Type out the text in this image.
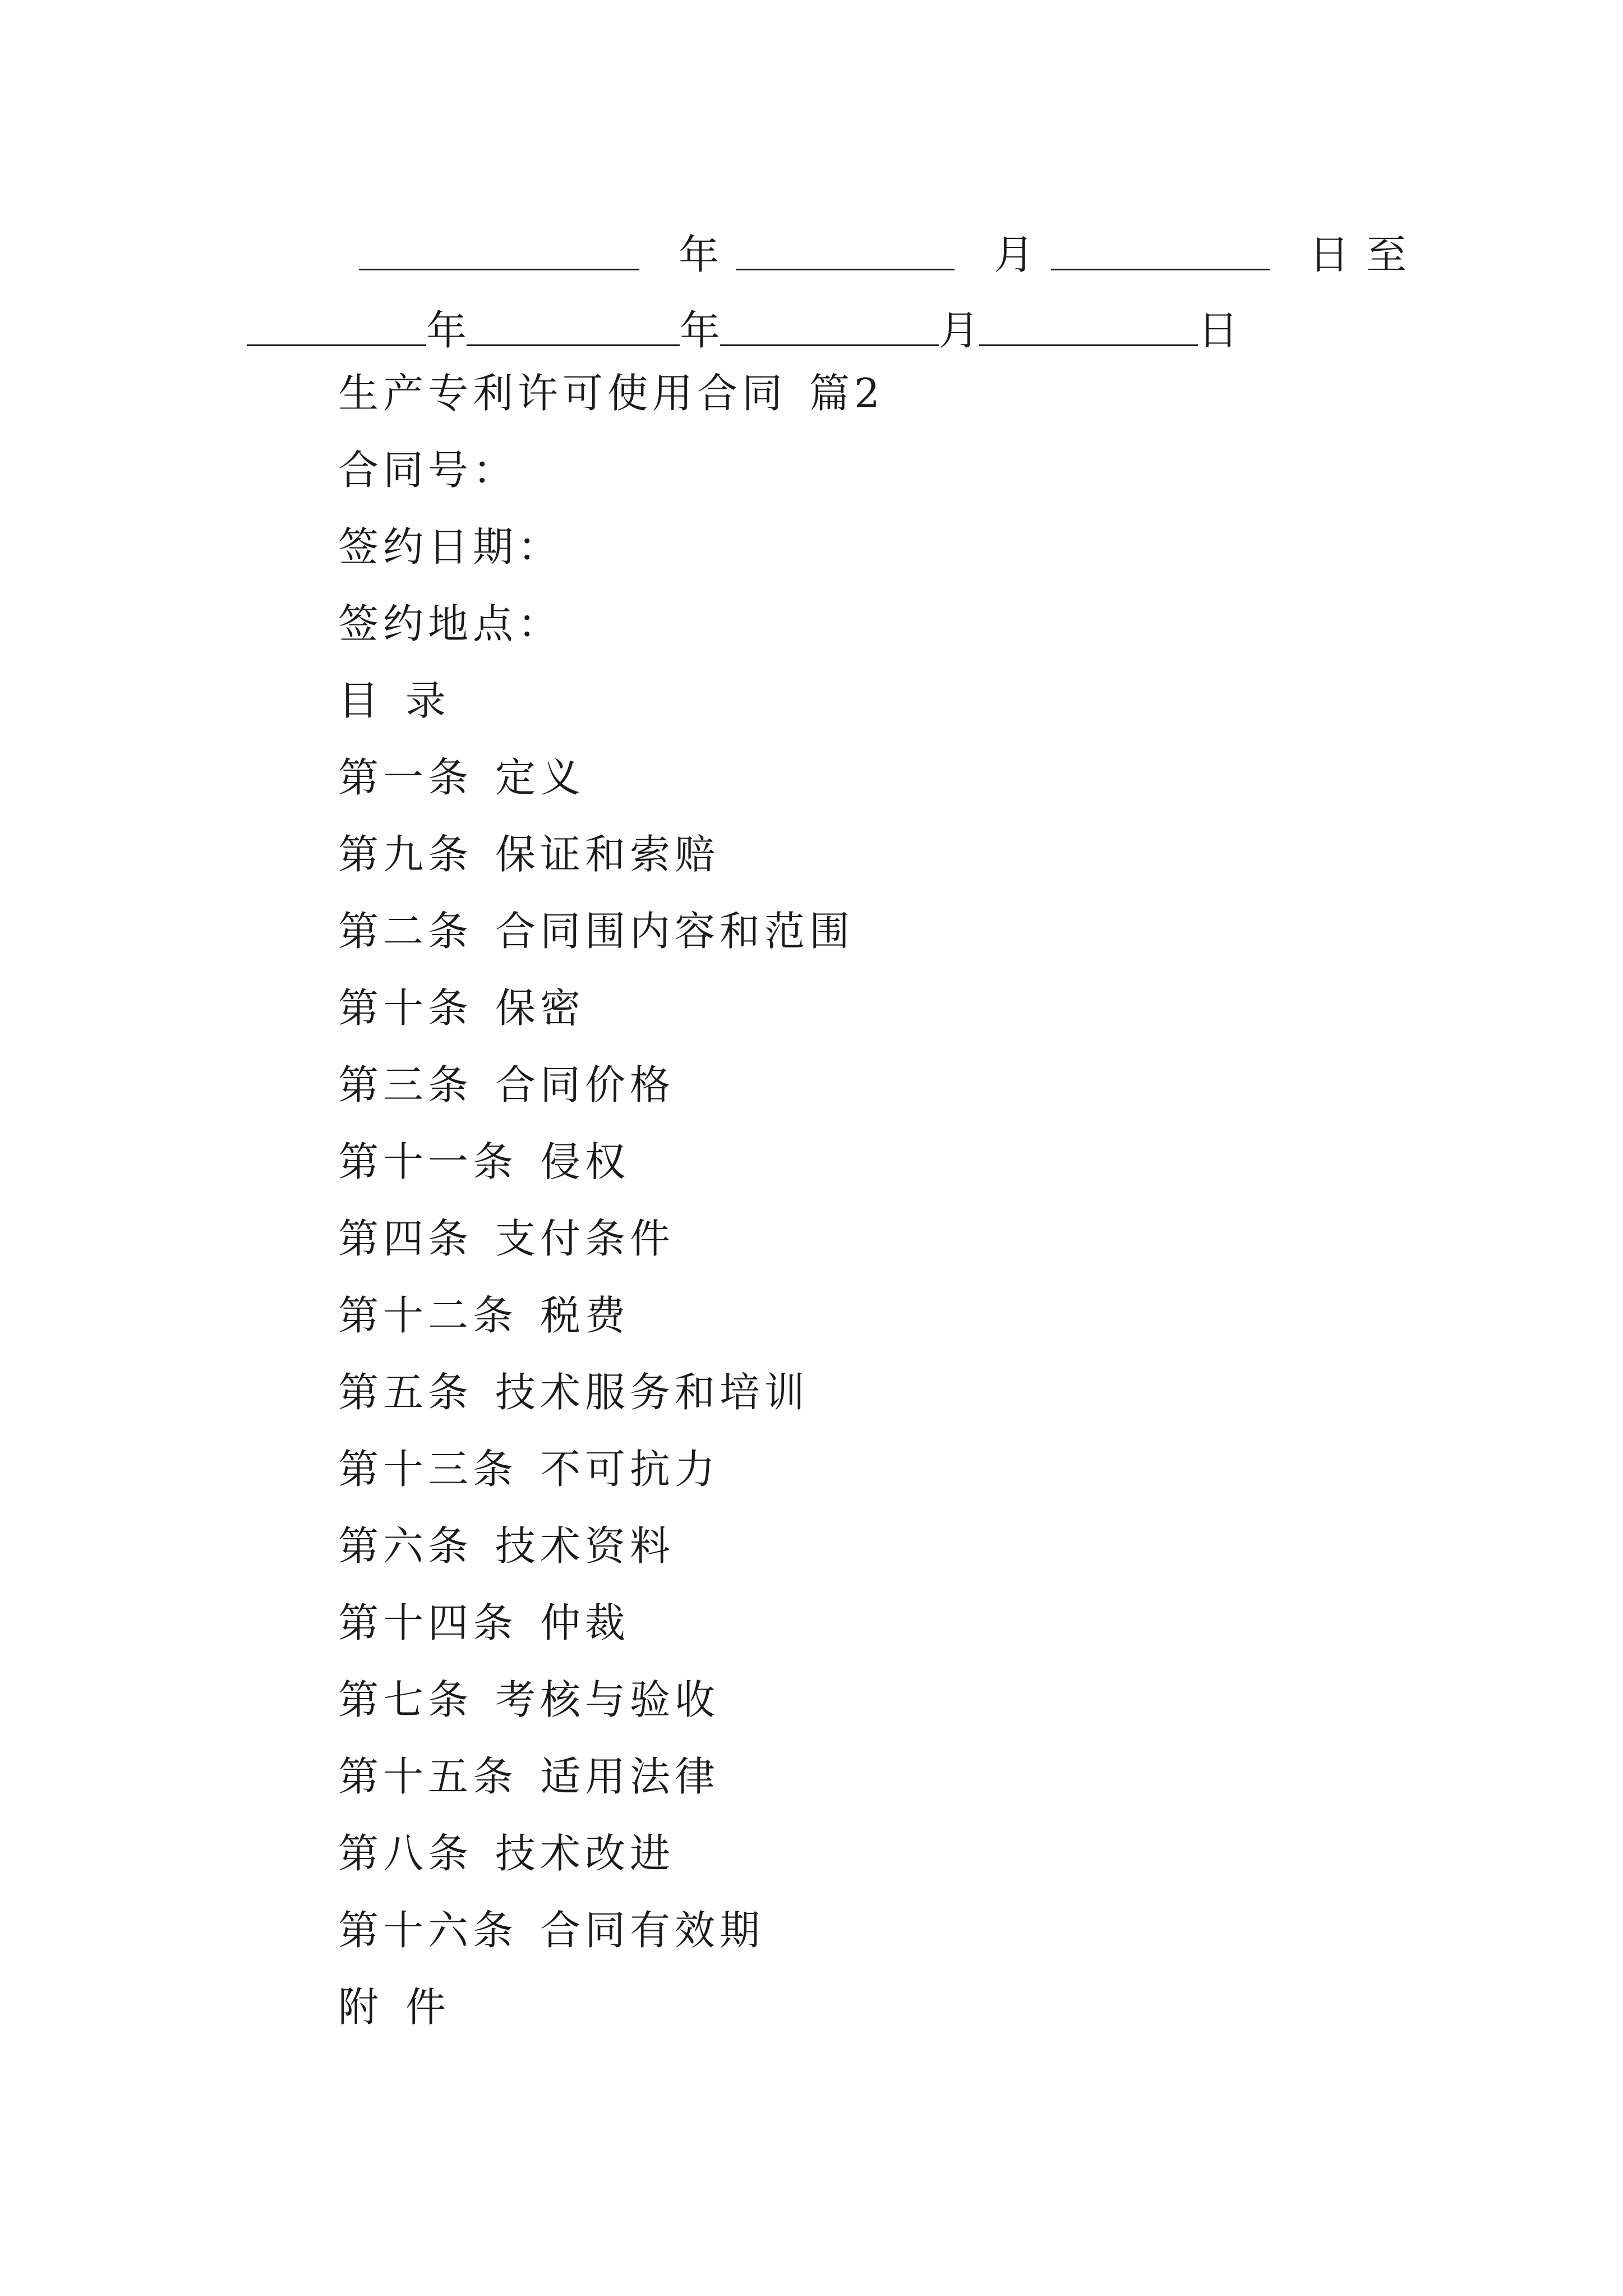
年	月	日至
年	年	月	日
生产专利许可使用合同 篇2
合同号：
签约日期：
签约地点：
目 录
第一条 定义
第九条 保证和索赔
第二条 合同围内容和范围
第十条 保密
第三条 合同价格
第十一条 侵权
第四条 支付条件
第十二条 税费
第五条 技术服务和培训
第十三条 不可抗力
第六条 技术资料
第十四条 仲裁
第七条 考核与验收
第十五条 适用法律
第八条 技术改进
第十六条 合同有效期
附 件
